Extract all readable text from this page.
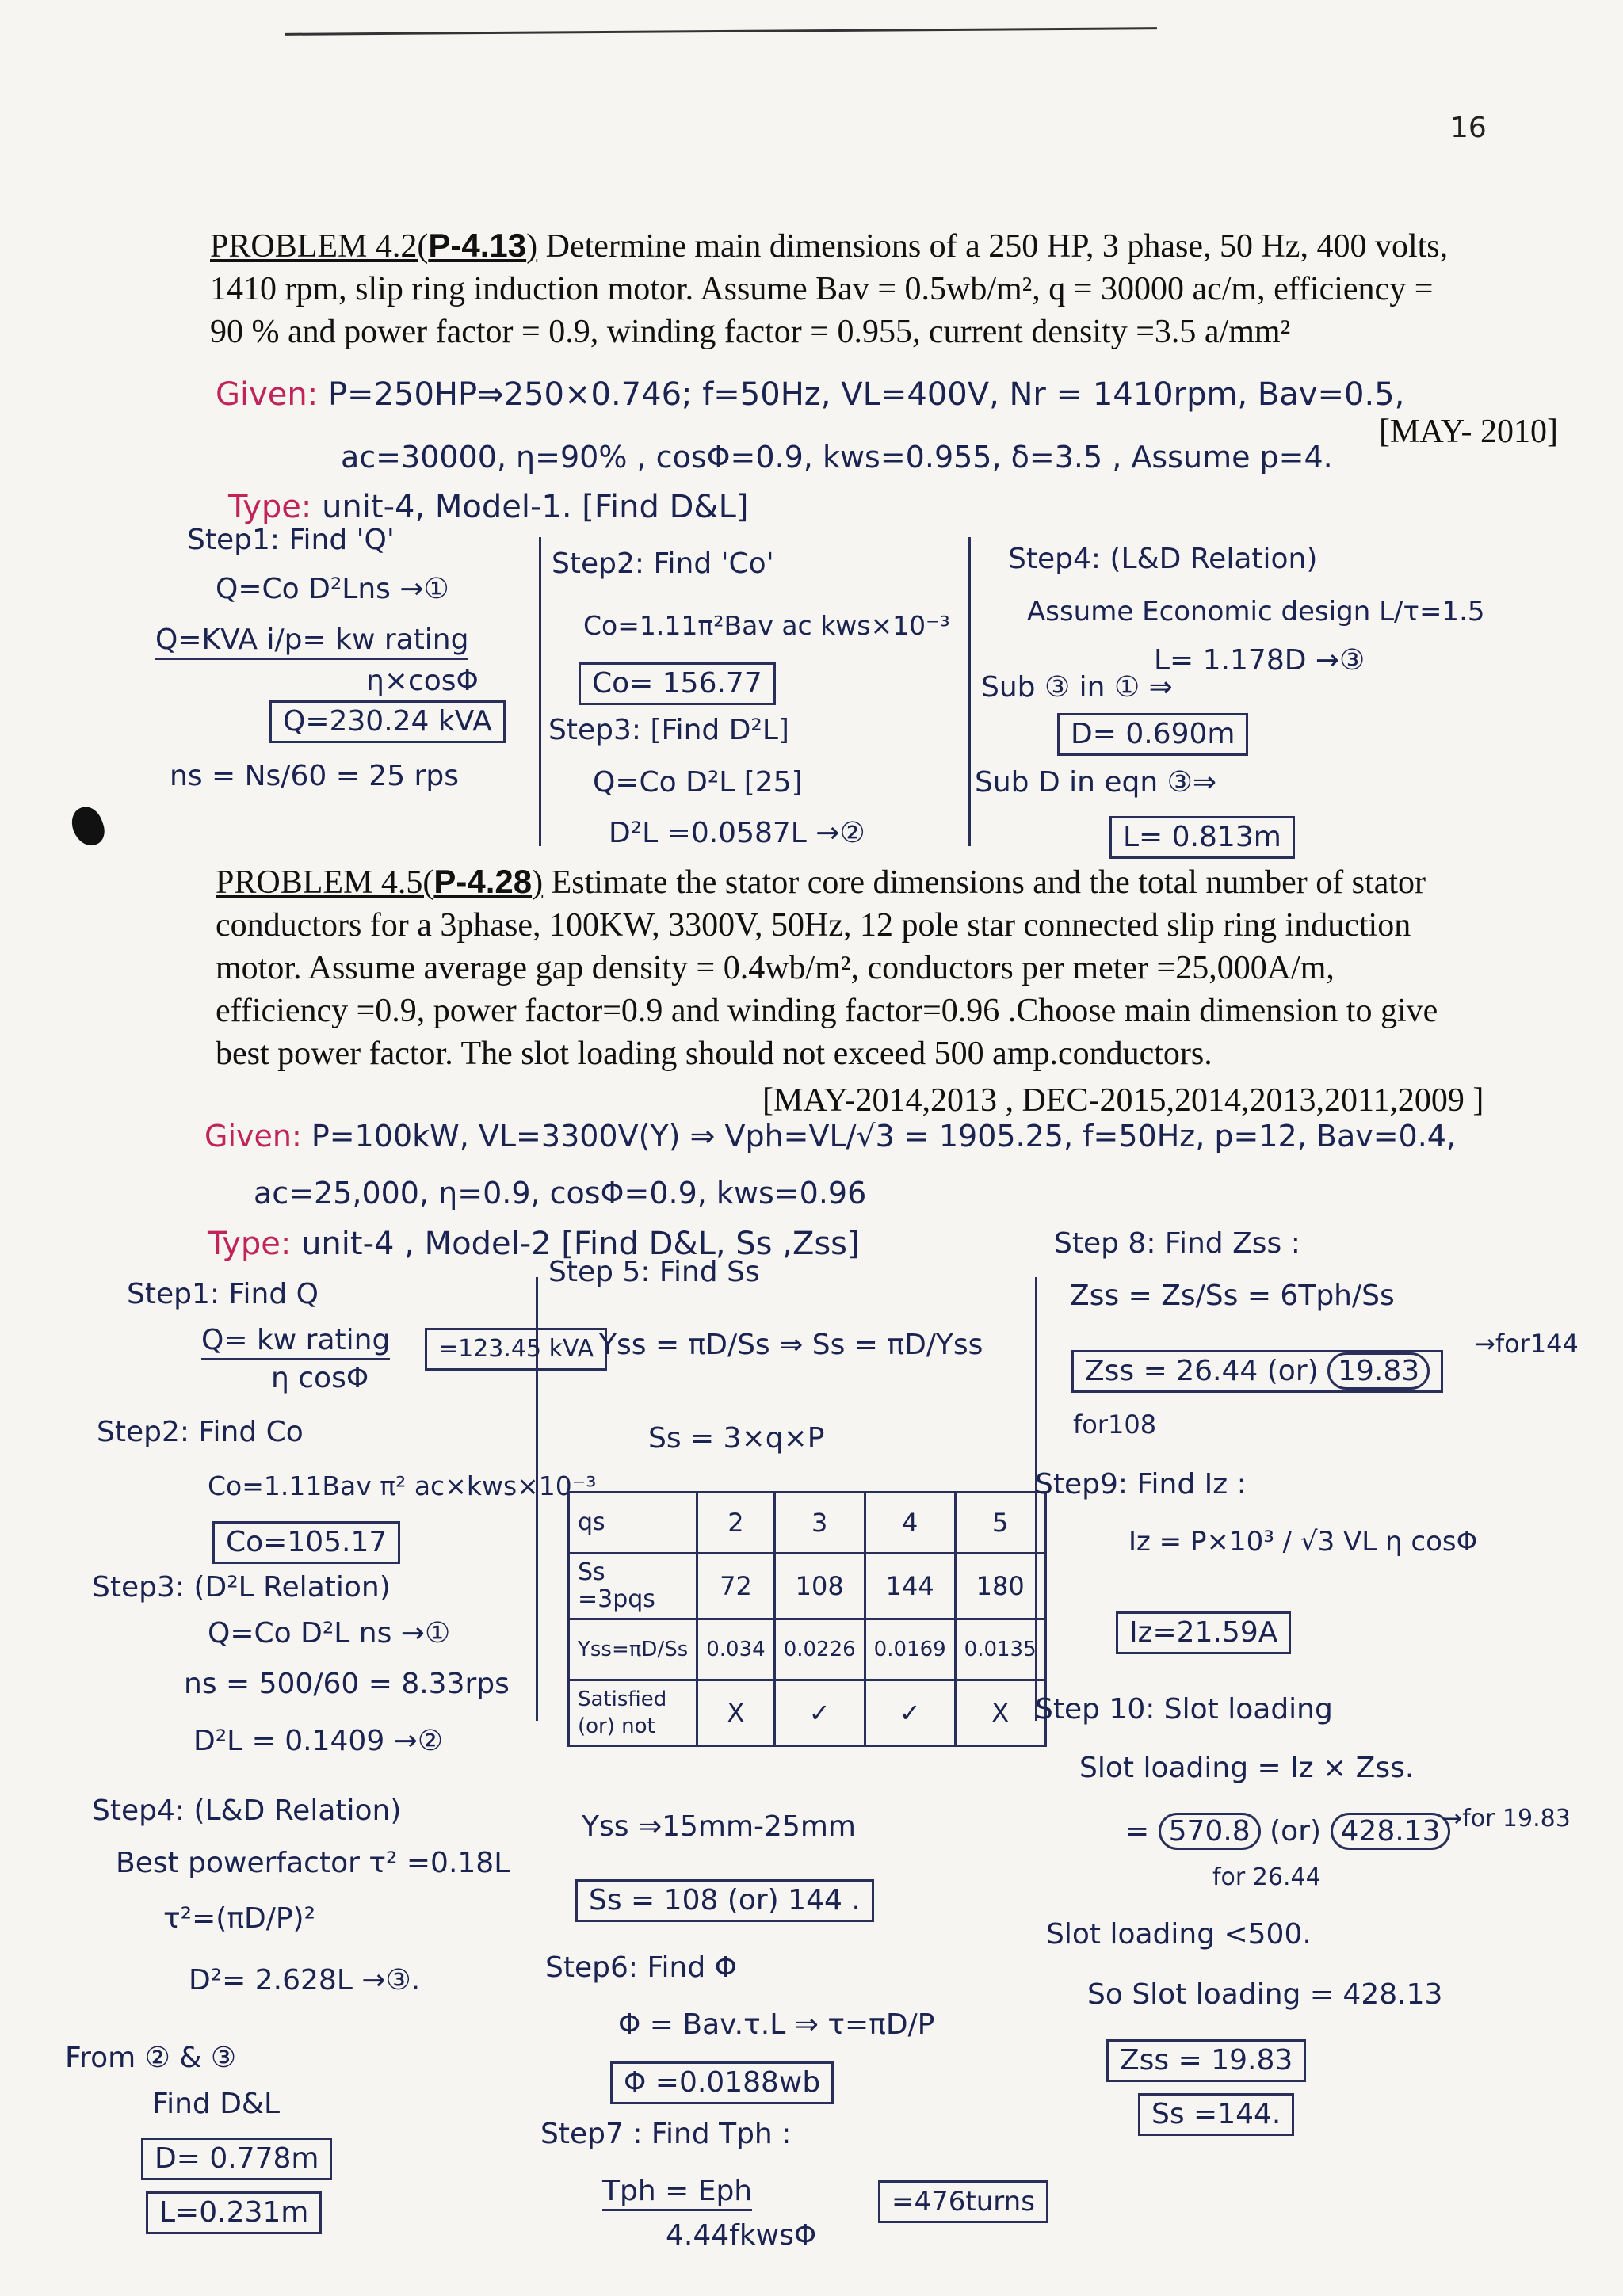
16
PROBLEM 4.2(P-4.13) Determine main dimensions of a 250 HP, 3 phase, 50 Hz, 400 volts,
1410 rpm, slip ring induction motor. Assume Bav = 0.5wb/m², q = 30000 ac/m, efficiency =
90 % and power factor = 0.9, winding factor = 0.955, current density =3.5 a/mm²
[MAY- 2010]
Given: P=250HP⇒250×0.746; f=50Hz, VL=400V, Nr = 1410rpm, Bav=0.5,
ac=30000, η=90% , cosΦ=0.9, kws=0.955, δ=3.5 , Assume p=4.
Type: unit-4, Model-1. [Find D&L]
Step1: Find 'Q'
Q=Co D²Lns →①
Q=KVA i/p= kw rating
η×cosΦ
Q=230.24 kVA
ns = Ns/60 = 25 rps
Step2: Find 'Co'
Co=1.11π²Bav ac kws×10⁻³
Co= 156.77
Step3: [Find D²L]
Q=Co D²L [25]
D²L =0.0587L →②
Step4: (L&D Relation)
Assume Economic design L/τ=1.5
L= 1.178D →③
Sub ③ in ① ⇒
D= 0.690m
Sub D in eqn ③⇒
L= 0.813m
PROBLEM 4.5(P-4.28) Estimate the stator core dimensions and the total number of stator
conductors for a 3phase, 100KW, 3300V, 50Hz, 12 pole star connected slip ring induction
motor. Assume average gap density = 0.4wb/m², conductors per meter =25,000A/m,
efficiency =0.9, power factor=0.9 and winding factor=0.96 .Choose main dimension to give
best power factor. The slot loading should not exceed 500 amp.conductors.
[MAY-2014,2013 , DEC-2015,2014,2013,2011,2009 ]
Given: P=100kW, VL=3300V(Y) ⇒ Vph=VL/√3 = 1905.25, f=50Hz, p=12, Bav=0.4,
ac=25,000, η=0.9, cosΦ=0.9, kws=0.96
Type: unit-4 , Model-2 [Find D&L, Ss ,Zss]
Step1: Find Q
Q= kw rating
η cosΦ
=123.45 kVA
Step2: Find Co
Co=1.11Bav π² ac×kws×10⁻³
Co=105.17
Step3: (D²L Relation)
Q=Co D²L ns →①
ns = 500/60 = 8.33rps
D²L = 0.1409 →②
Step4: (L&D Relation)
Best powerfactor τ² =0.18L
τ²=(πD/P)²
D²= 2.628L →③.
From ② & ③
Find D&L
D= 0.778m
L=0.231m
Step 5: Find Ss
Yss = πD/Ss ⇒ Ss = πD/Yss
Ss = 3×q×P
qs	2	3	4	5
Ss =3pqs	72	108	144	180
Yss=πD/Ss	0.034	0.0226	0.0169	0.0135
Satisfied (or) not	X	✓	✓	X
Yss ⇒15mm-25mm
Ss = 108 (or) 144 .
Step6: Find Φ
Φ = Bav.τ.L ⇒ τ=πD/P
Φ =0.0188wb
Step7 : Find Tph :
Tph = Eph
4.44fkwsΦ
=476turns
Step 8: Find Zss :
Zss = Zs/Ss = 6Tph/Ss
Zss = 26.44 (or) 19.83
→for144
for108
Step9: Find Iz :
Iz = P×10³ / √3 VL η cosΦ
Iz=21.59A
Step 10: Slot loading
Slot loading = Iz × Zss.
= 570.8 (or) 428.13 →for 19.83
for 26.44
Slot loading <500.
So Slot loading = 428.13
Zss = 19.83
Ss =144.
